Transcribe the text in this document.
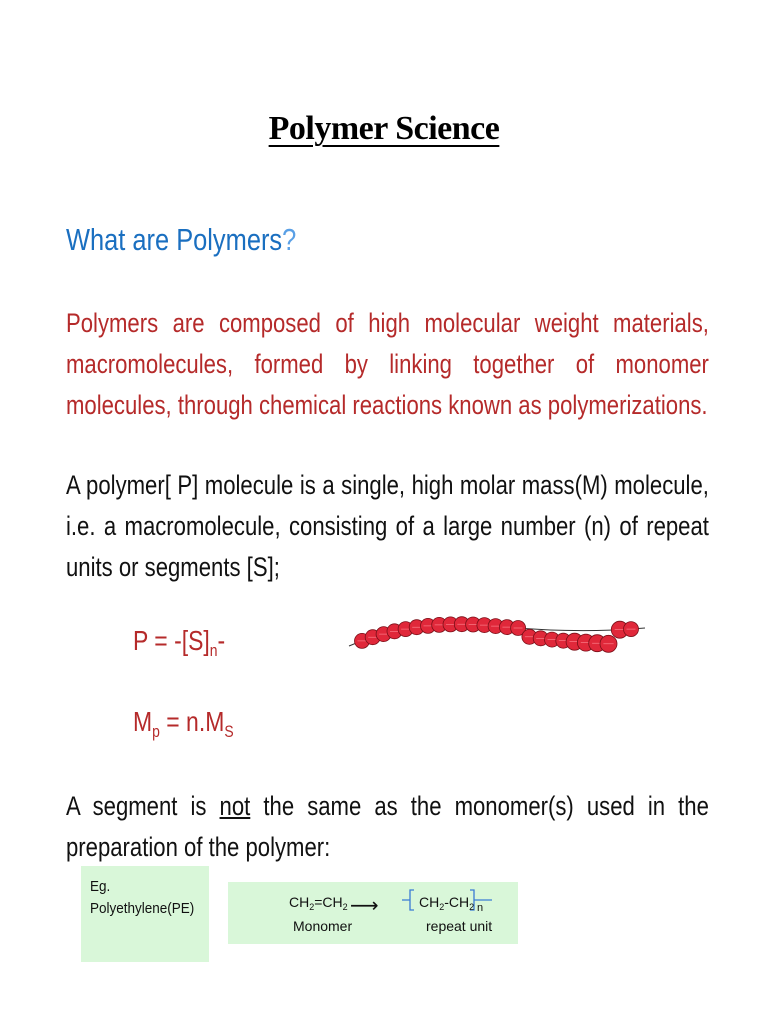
Polymer Science
What are Polymers?
Polymers are composed of high molecular weight materials, macromolecules, formed by linking together of monomer molecules, through chemical reactions known as polymerizations.
A polymer[ P] molecule is a single, high molar mass(M) molecule, i.e. a macromolecule, consisting of a large number (n) of repeat units or segments [S];
$P = -[S]_n-$
$M_p = n.M_S$
A segment is not the same as the monomer(s) used in the preparation of the polymer:
Eg.
Polyethylene(PE)	$CH_2=CH_2$
Monomer
⟶	$CH_2-CH_2$ n
repeat unit
